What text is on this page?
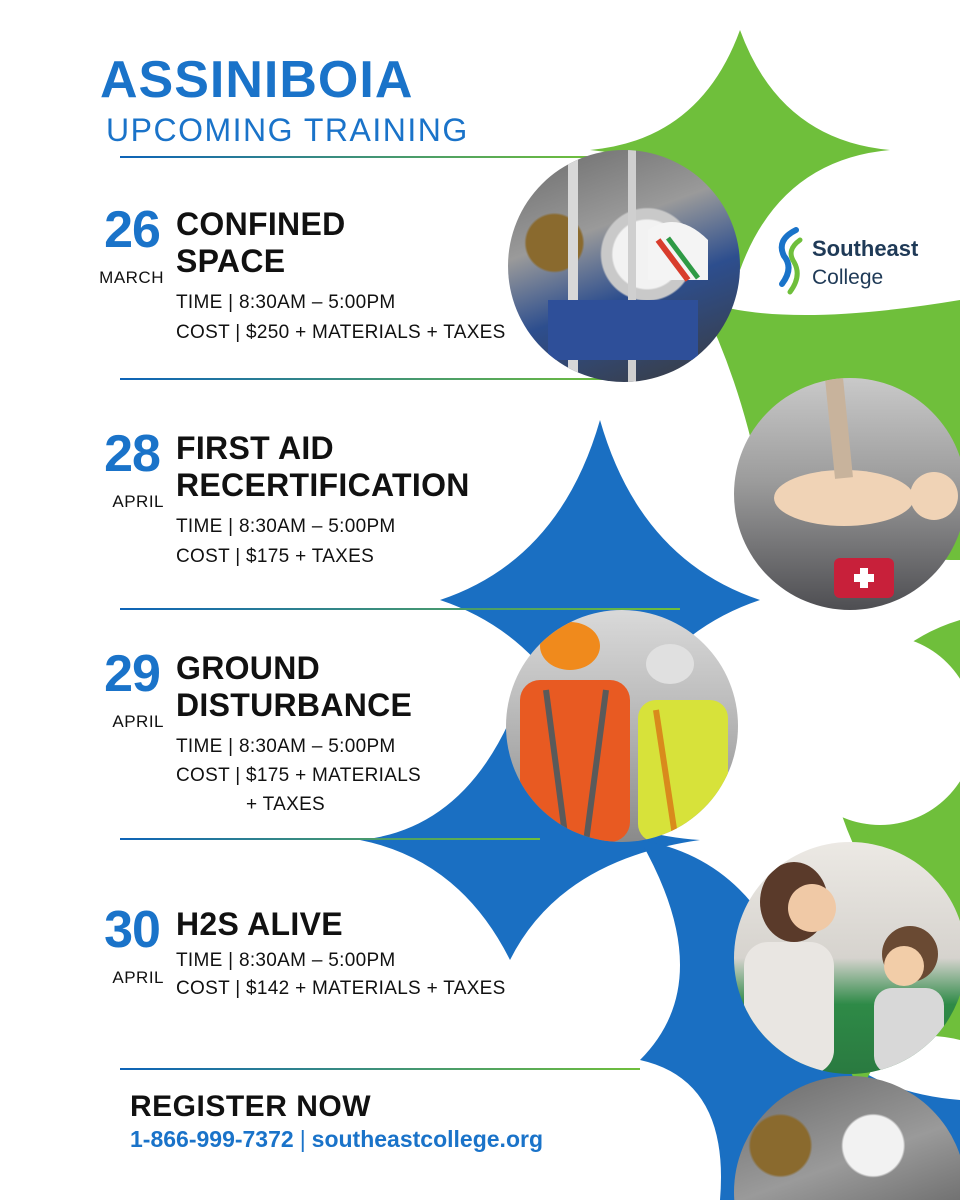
ASSINIBOIA
UPCOMING TRAINING
Southeast
College
26
MARCH
CONFINED
SPACE
TIME | 8:30AM – 5:00PM
COST | $250 + MATERIALS + TAXES
28
APRIL
FIRST AID
RECERTIFICATION
TIME | 8:30AM – 5:00PM
COST | $175 + TAXES
29
APRIL
GROUND
DISTURBANCE
TIME | 8:30AM – 5:00PM
COST | $175 + MATERIALS
+ TAXES
30
APRIL
H2S ALIVE
TIME | 8:30AM – 5:00PM
COST | $142 + MATERIALS + TAXES
REGISTER NOW
1-866-999-7372 | southeastcollege.org
